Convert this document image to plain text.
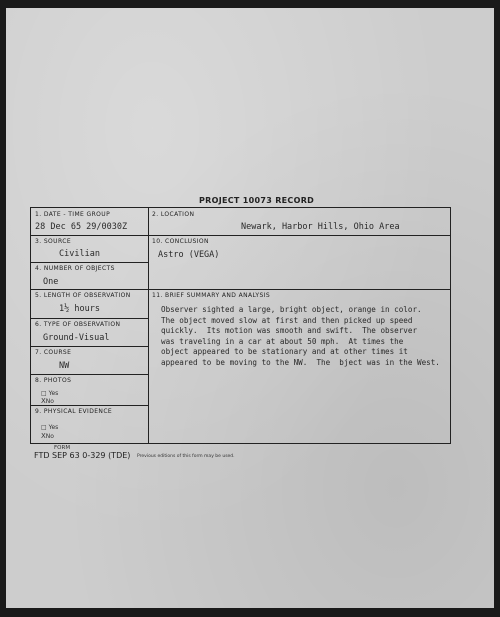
PROJECT 10073 RECORD
1. DATE - TIME GROUP
28 Dec 65 29/0030Z
2. LOCATION
Newark, Harbor Hills, Ohio Area
3. SOURCE
Civilian
10. CONCLUSION
Astro (VEGA)
4. NUMBER OF OBJECTS
One
5. LENGTH OF OBSERVATION
1½ hours
11. BRIEF SUMMARY AND ANALYSIS
Observer sighted a large, bright object, orange in color.
The object moved slow at first and then picked up speed
quickly.  Its motion was smooth and swift.  The observer
was traveling in a car at about 50 mph.  At times the
object appeared to be stationary and at other times it
appeared to be moving to the NW.  The  bject was in the West.
6. TYPE OF OBSERVATION
Ground-Visual
7. COURSE
NW
8. PHOTOS
□ Yes
XNo
9. PHYSICAL EVIDENCE
□ Yes
XNo
FORM
FTD SEP 63 0-329 (TDE) Previous editions of this form may be used.
